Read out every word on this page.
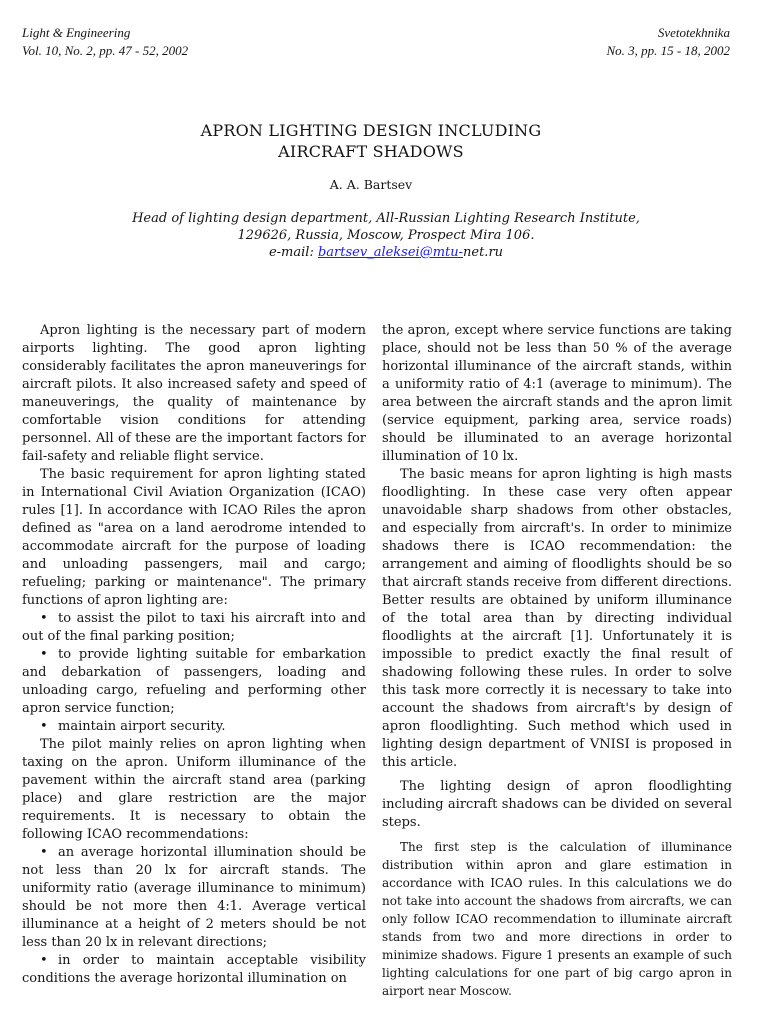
Light & Engineering
Vol. 10, No. 2, pp. 47 - 52, 2002
Svetotekhnika
No. 3, pp. 15 - 18, 2002
APRON LIGHTING DESIGN INCLUDING
AIRCRAFT SHADOWS
A. A. Bartsev
Head of lighting design department, All-Russian Lighting Research Institute,
129626, Russia, Moscow, Prospect Mira 106.
e-mail: bartsev_aleksei@mtu-net.ru

Apron lighting is the necessary part of modern airports lighting. The good apron lighting considerably facilitates the apron maneuverings for aircraft pilots. It also increased safety and speed of maneuverings, the quality of maintenance by comfortable vision conditions for attending personnel. All of these are the important factors for fail-safety and reliable flight service.

The basic requirement for apron lighting stated in International Civil Aviation Organization (ICAO) rules [1]. In accordance with ICAO Riles the apron defined as "area on a land aerodrome intended to accommodate aircraft for the purpose of loading and unloading passengers, mail and cargo; refueling; parking or maintenance". The primary functions of apron lighting are:

• to assist the pilot to taxi his aircraft into and out of the final parking position;

• to provide lighting suitable for embarkation and debarkation of passengers, loading and unloading cargo, refueling and performing other apron service function;

• maintain airport security.

The pilot mainly relies on apron lighting when taxing on the apron. Uniform illuminance of the pavement within the aircraft stand area (parking place) and glare restriction are the major requirements. It is necessary to obtain the following ICAO recommendations:

• an average horizontal illumination should be not less than 20 lx for aircraft stands. The uniformity ratio (average illuminance to minimum) should be not more then 4:1. Average vertical illuminance at a height of 2 meters should be not less than 20 lx in relevant directions;

• in order to maintain acceptable visibility conditions the average horizontal illumination on

the apron, except where service functions are taking place, should not be less than 50 % of the average horizontal illuminance of the aircraft stands, within a uniformity ratio of 4:1 (average to minimum). The area between the aircraft stands and the apron limit (service equipment, parking area, service roads) should be illuminated to an average horizontal illumination of 10 lx.

The basic means for apron lighting is high masts floodlighting. In these case very often appear unavoidable sharp shadows from other obstacles, and especially from aircraft's. In order to minimize shadows there is ICAO recommendation: the arrangement and aiming of floodlights should be so that aircraft stands receive from different directions. Better results are obtained by uniform illuminance of the total area than by directing individual floodlights at the aircraft [1]. Unfortunately it is impossible to predict exactly the final result of shadowing following these rules. In order to solve this task more correctly it is necessary to take into account the shadows from aircraft's by design of apron floodlighting. Such method which used in lighting design department of VNISI is proposed in this article.

The lighting design of apron floodlighting including aircraft shadows can be divided on several steps.

The first step is the calculation of illuminance distribution within apron and glare estimation in accordance with ICAO rules. In this calculations we do not take into account the shadows from aircrafts, we can only follow ICAO recommendation to illuminate aircraft stands from two and more directions in order to minimize shadows. Figure 1 presents an example of such lighting calculations for one part of big cargo apron in airport near Moscow.
